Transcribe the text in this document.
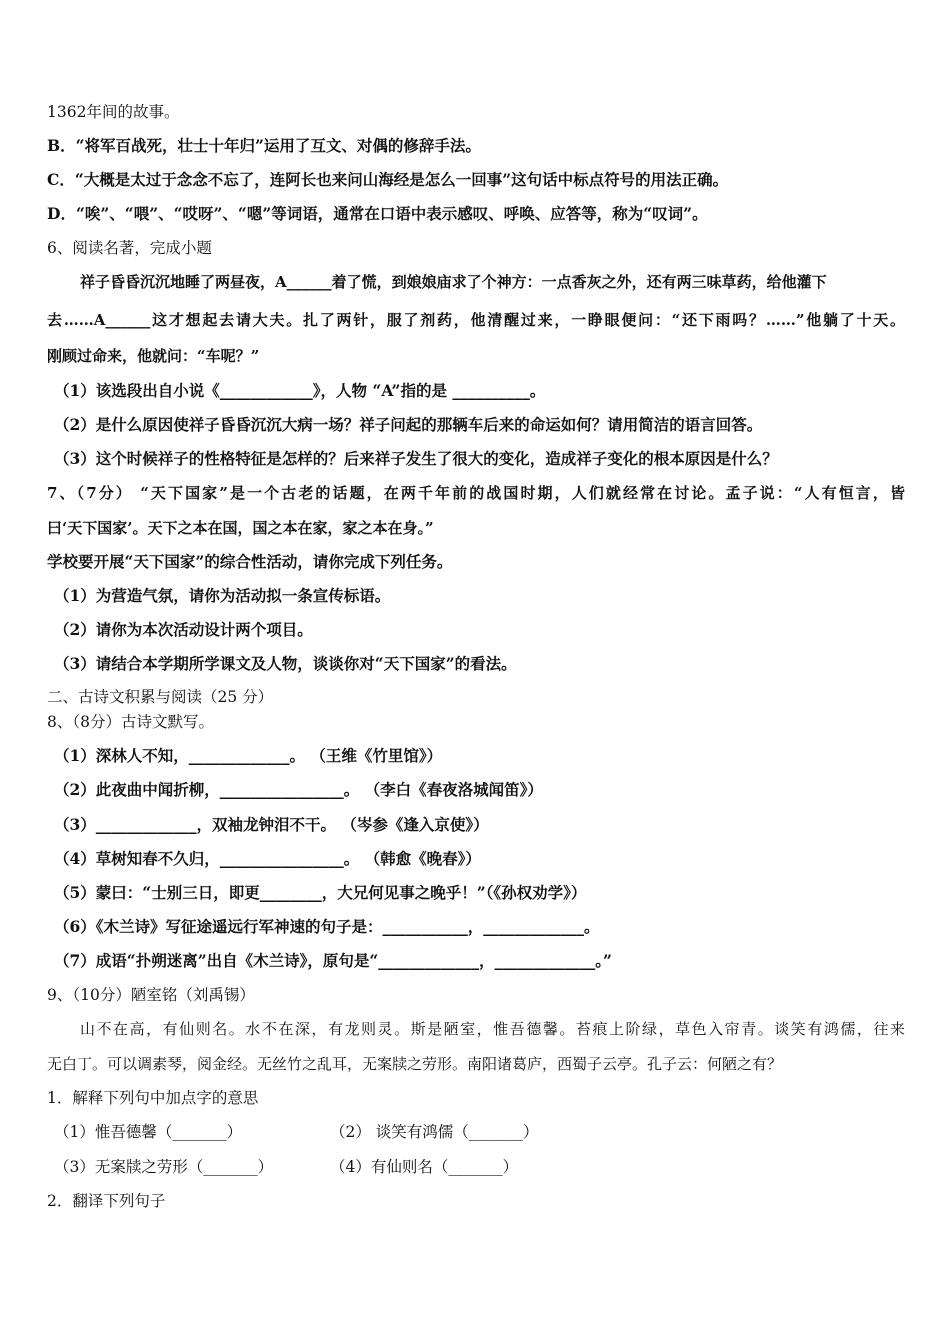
1362年间的故事。
B．“将军百战死，壮士十年归”运用了互文、对偶的修辞手法。
C．“大概是太过于念念不忘了，连阿长也来问山海经是怎么一回事”这句话中标点符号的用法正确。
D．“唉”、“喂”、“哎呀”、“嗯”等词语，通常在口语中表示感叹、呼唤、应答等，称为“叹词”。
6、阅读名著，完成小题
祥子昏昏沉沉地睡了两昼夜，A______着了慌，到娘娘庙求了个神方：一点香灰之外，还有两三味草药，给他灌下
去……A______这才想起去请大夫。扎了两针，服了剂药，他清醒过来，一睁眼便问：“还下雨吗？……”他躺了十天。
刚顾过命来，他就问：“车呢？”
（1）该选段出自小说《____________》，人物 “A”指的是 __________。
（2）是什么原因使祥子昏昏沉沉大病一场？祥子问起的那辆车后来的命运如何？请用简洁的语言回答。
（3）这个时候祥子的性格特征是怎样的？后来祥子发生了很大的变化，造成祥子变化的根本原因是什么？
7、（7分） “天下国家”是一个古老的话题，在两千年前的战国时期，人们就经常在讨论。孟子说：“人有恒言，皆
曰‘天下国家’。天下之本在国，国之本在家，家之本在身。”
学校要开展“天下国家”的综合性活动，请你完成下列任务。
（1）为营造气氛，请你为活动拟一条宣传标语。
（2）请你为本次活动设计两个项目。
（3）请结合本学期所学课文及人物，谈谈你对“天下国家”的看法。
二、古诗文积累与阅读（25 分）
8、（8分）古诗文默写。
（1）深林人不知，_____________。 （王维《竹里馆》）
（2）此夜曲中闻折柳，________________。 （李白《春夜洛城闻笛》）
（3）_____________，双袖龙钟泪不干。 （岑参《逢入京使》）
（4）草树知春不久归，________________。 （韩愈《晚春》）
（5）蒙曰：“士别三日，即更________，大兄何见事之晚乎！”（《孙权劝学》）
（6）《木兰诗》写征途遥远行军神速的句子是：___________，_____________。
（7）成语“扑朔迷离”出自《木兰诗》，原句是“_____________，_____________。”
9、（10分）陋室铭（刘禹锡）
山不在高，有仙则名。水不在深，有龙则灵。斯是陋室，惟吾德馨。苔痕上阶绿，草色入帘青。谈笑有鸿儒，往来
无白丁。可以调素琴，阅金经。无丝竹之乱耳，无案牍之劳形。南阳诸葛庐，西蜀子云亭。孔子云：何陋之有？
1．解释下列句中加点字的意思
（1）惟吾德馨（_______）	（2） 谈笑有鸿儒（_______）
（3）无案牍之劳形（_______）	（4）有仙则名（_______）
2．翻译下列句子
